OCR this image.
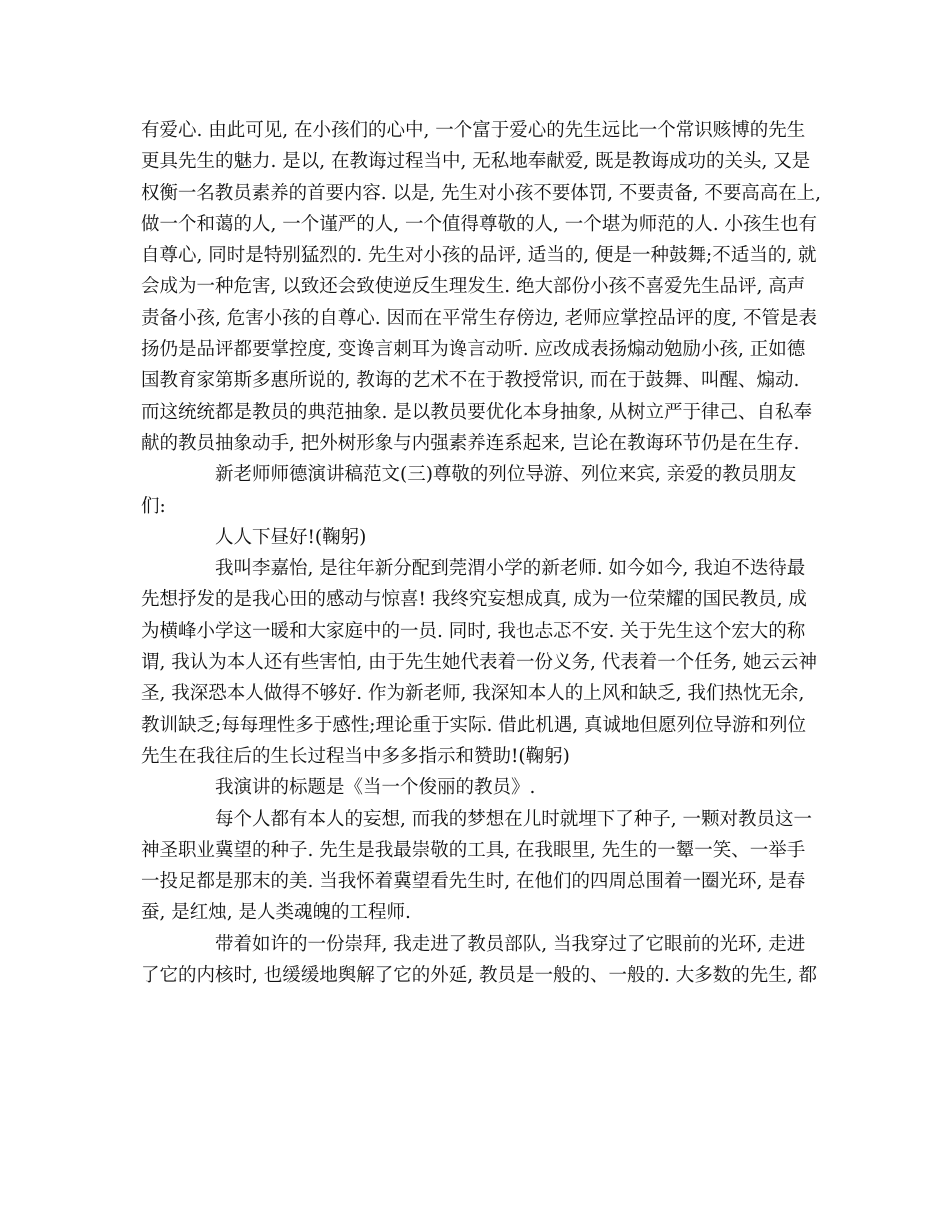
有爱心. 由此可见, 在小孩们的心中, 一个富于爱心的先生远比一个常识赅博的先生
更具先生的魅力. 是以, 在教诲过程当中, 无私地奉献爱, 既是教诲成功的关头, 又是
权衡一名教员素养的首要内容. 以是, 先生对小孩不要体罚, 不要责备, 不要高高在上,
做一个和蔼的人, 一个谨严的人, 一个值得尊敬的人, 一个堪为师范的人. 小孩生也有
自尊心, 同时是特别猛烈的. 先生对小孩的品评, 适当的, 便是一种鼓舞;不适当的, 就
会成为一种危害, 以致还会致使逆反生理发生. 绝大部份小孩不喜爱先生品评, 高声
责备小孩, 危害小孩的自尊心. 因而在平常生存傍边, 老师应掌控品评的度, 不管是表
扬仍是品评都要掌控度, 变谗言刺耳为谗言动听. 应改成表扬煽动勉励小孩, 正如德
国教育家第斯多惠所说的, 教诲的艺术不在于教授常识, 而在于鼓舞、叫醒、煽动.
而这统统都是教员的典范抽象. 是以教员要优化本身抽象, 从树立严于律己、自私奉
献的教员抽象动手, 把外树形象与内强素养连系起来, 岂论在教诲环节仍是在生存.
新老师师德演讲稿范文(三)尊敬的列位导游、列位来宾, 亲爱的教员朋友
们:
人人下昼好!(鞠躬)
我叫李嘉怡, 是往年新分配到莞渭小学的新老师. 如今如今, 我迫不迭待最
先想抒发的是我心田的感动与惊喜! 我终究妄想成真, 成为一位荣耀的国民教员, 成
为横峰小学这一暖和大家庭中的一员. 同时, 我也忐忑不安. 关于先生这个宏大的称
谓, 我认为本人还有些害怕, 由于先生她代表着一份义务, 代表着一个任务, 她云云神
圣, 我深恐本人做得不够好. 作为新老师, 我深知本人的上风和缺乏, 我们热忱无余,
教训缺乏;每每理性多于感性;理论重于实际. 借此机遇, 真诚地但愿列位导游和列位
先生在我往后的生长过程当中多多指示和赞助!(鞠躬)
我演讲的标题是《当一个俊丽的教员》.
每个人都有本人的妄想, 而我的梦想在儿时就埋下了种子, 一颗对教员这一
神圣职业冀望的种子. 先生是我最崇敬的工具, 在我眼里, 先生的一颦一笑、一举手
一投足都是那末的美. 当我怀着冀望看先生时, 在他们的四周总围着一圈光环, 是春
蚕, 是红烛, 是人类魂魄的工程师.
带着如许的一份崇拜, 我走进了教员部队, 当我穿过了它眼前的光环, 走进
了它的内核时, 也缓缓地舆解了它的外延, 教员是一般的、一般的. 大多数的先生, 都
